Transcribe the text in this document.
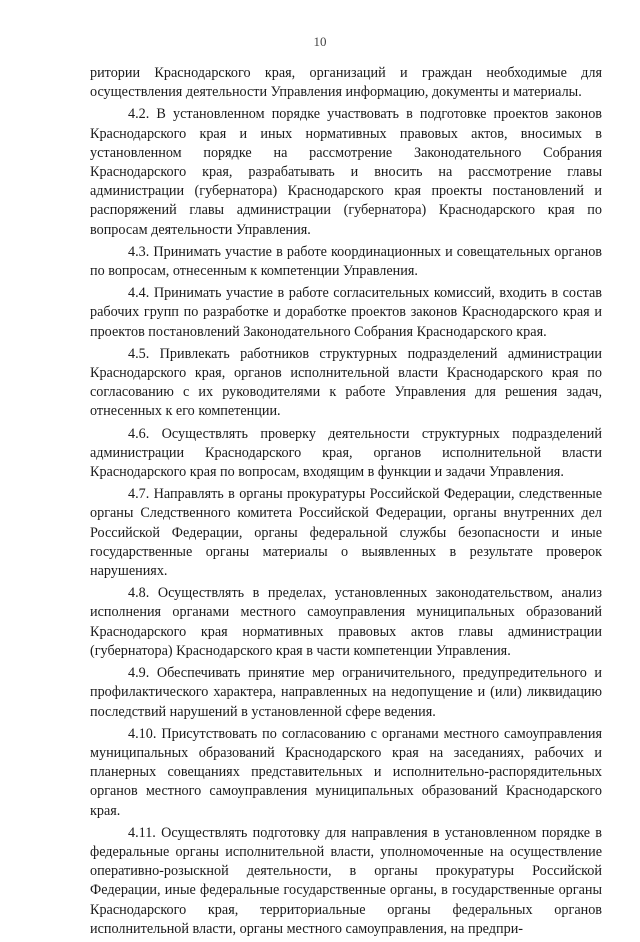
10

ритории Краснодарского края, организаций и граждан необходимые для осуществления деятельности Управления информацию, документы и материалы.

4.2. В установленном порядке участвовать в подготовке проектов законов Краснодарского края и иных нормативных правовых актов, вносимых в установленном порядке на рассмотрение Законодательного Собрания Краснодарского края, разрабатывать и вносить на рассмотрение главы администрации (губернатора) Краснодарского края проекты постановлений и распоряжений главы администрации (губернатора) Краснодарского края по вопросам деятельности Управления.

4.3. Принимать участие в работе координационных и совещательных органов по вопросам, отнесенным к компетенции Управления.

4.4. Принимать участие в работе согласительных комиссий, входить в состав рабочих групп по разработке и доработке проектов законов Краснодарского края и проектов постановлений Законодательного Собрания Краснодарского края.

4.5. Привлекать работников структурных подразделений администрации Краснодарского края, органов исполнительной власти Краснодарского края по согласованию с их руководителями к работе Управления для решения задач, отнесенных к его компетенции.

4.6. Осуществлять проверку деятельности структурных подразделений администрации Краснодарского края, органов исполнительной власти Краснодарского края по вопросам, входящим в функции и задачи Управления.

4.7. Направлять в органы прокуратуры Российской Федерации, следственные органы Следственного комитета Российской Федерации, органы внутренних дел Российской Федерации, органы федеральной службы безопасности и иные государственные органы материалы о выявленных в результате проверок нарушениях.

4.8. Осуществлять в пределах, установленных законодательством, анализ исполнения органами местного самоуправления муниципальных образований Краснодарского края нормативных правовых актов главы администрации (губернатора) Краснодарского края в части компетенции Управления.

4.9. Обеспечивать принятие мер ограничительного, предупредительного и профилактического характера, направленных на недопущение и (или) ликвидацию последствий нарушений в установленной сфере ведения.

4.10. Присутствовать по согласованию с органами местного самоуправления муниципальных образований Краснодарского края на заседаниях, рабочих и планерных совещаниях представительных и исполнительно-распорядительных органов местного самоуправления муниципальных образований Краснодарского края.

4.11. Осуществлять подготовку для направления в установленном порядке в федеральные органы исполнительной власти, уполномоченные на осуществление оперативно-розыскной деятельности, в органы прокуратуры Российской Федерации, иные федеральные государственные органы, в государственные органы Краснодарского края, территориальные органы федеральных органов исполнительной власти, органы местного самоуправления, на предпри-
